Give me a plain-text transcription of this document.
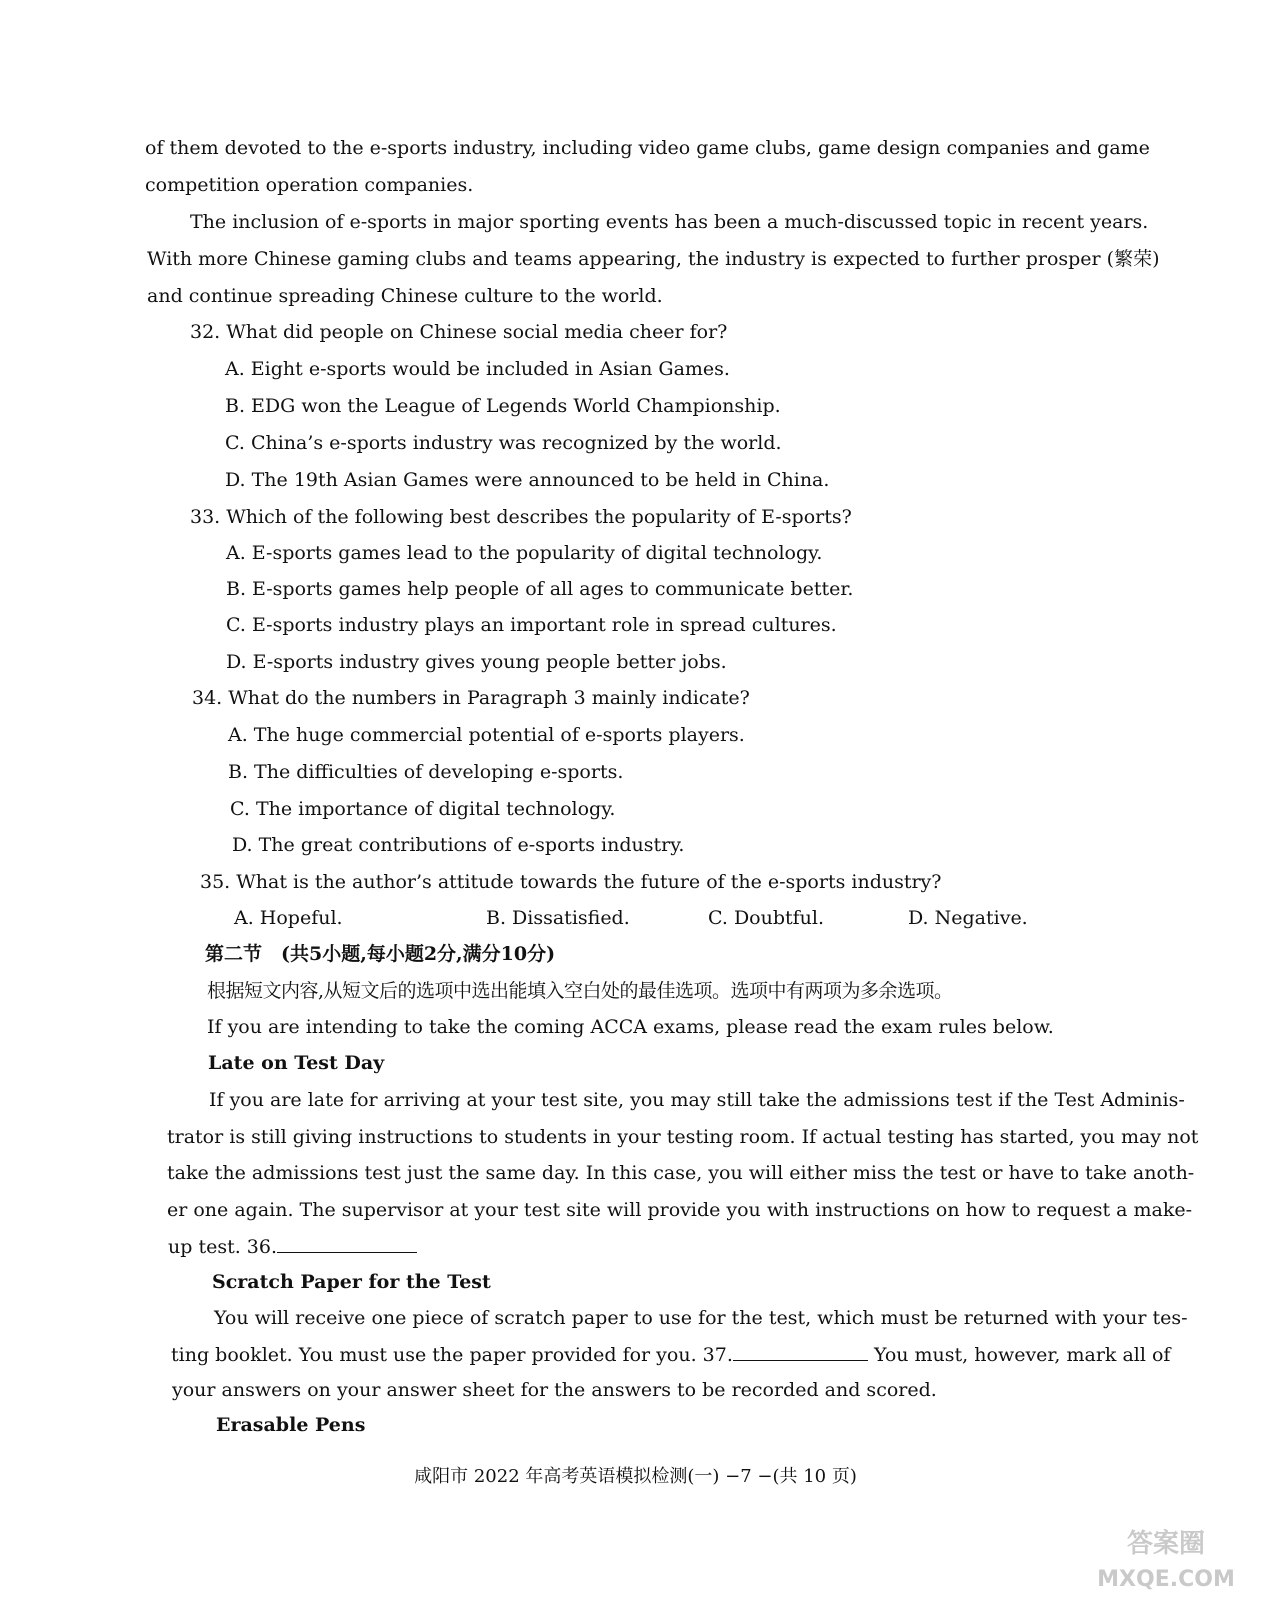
of them devoted to the e-sports industry, including video game clubs, game design companies and game
competition operation companies.
The inclusion of e-sports in major sporting events has been a much-discussed topic in recent years.
With more Chinese gaming clubs and teams appearing, the industry is expected to further prosper (繁荣)
and continue spreading Chinese culture to the world.
32. What did people on Chinese social media cheer for?
A. Eight e-sports would be included in Asian Games.
B. EDG won the League of Legends World Championship.
C. China’s e-sports industry was recognized by the world.
D. The 19th Asian Games were announced to be held in China.
33. Which of the following best describes the popularity of E-sports?
A. E-sports games lead to the popularity of digital technology.
B. E-sports games help people of all ages to communicate better.
C. E-sports industry plays an important role in spread cultures.
D. E-sports industry gives young people better jobs.
34. What do the numbers in Paragraph 3 mainly indicate?
A. The huge commercial potential of e-sports players.
B. The difficulties of developing e-sports.
C. The importance of digital technology.
D. The great contributions of e-sports industry.
35. What is the author’s attitude towards the future of the e-sports industry?
A. Hopeful.	B. Dissatisfied.	C. Doubtful.	D. Negative.
第二节　(共5小题,每小题2分,满分10分)
根据短文内容,从短文后的选项中选出能填入空白处的最佳选项。选项中有两项为多余选项。
If you are intending to take the coming ACCA exams, please read the exam rules below.
Late on Test Day
If you are late for arriving at your test site, you may still take the admissions test if the Test Adminis-
trator is still giving instructions to students in your testing room. If actual testing has started, you may not
take the admissions test just the same day. In this case, you will either miss the test or have to take anoth-
er one again. The supervisor at your test site will provide you with instructions on how to request a make-
up test. 36.
Scratch Paper for the Test
You will receive one piece of scratch paper to use for the test, which must be returned with your tes-
ting booklet. You must use the paper provided for you. 37.	You must, however, mark all of
your answers on your answer sheet for the answers to be recorded and scored.
Erasable Pens
咸阳市 2022 年高考英语模拟检测(一) −7 −(共 10 页)
答案圈
MXQE.COM
